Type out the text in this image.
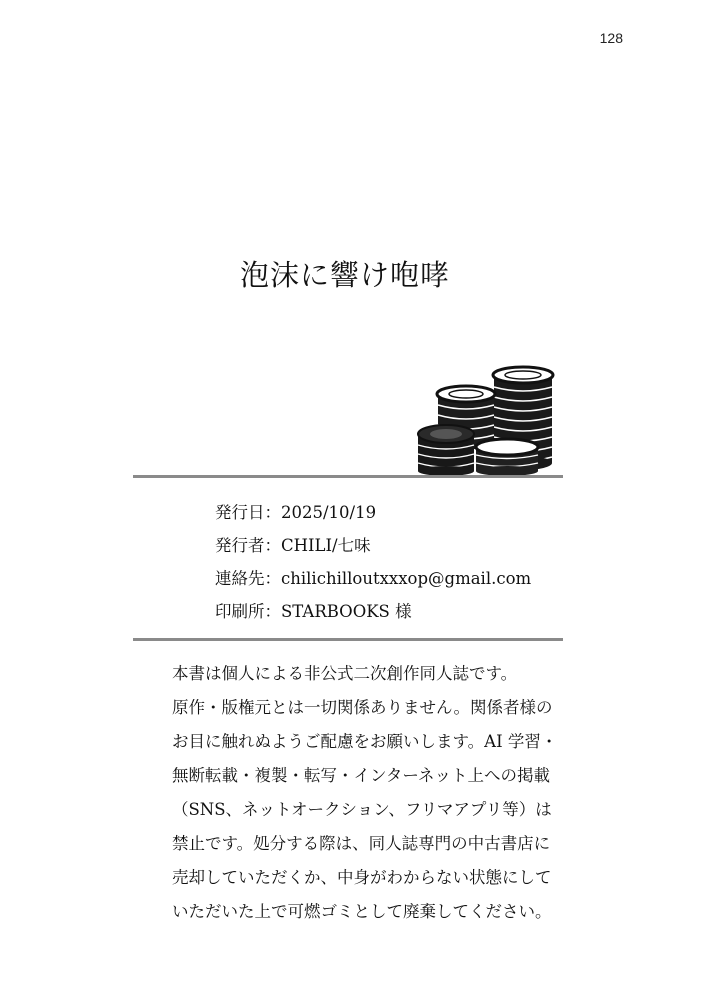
128
泡沫に響け咆哮
発行日：2025/10/19
発行者：CHILI/七味
連絡先：chilichilloutxxxop@gmail.com
印刷所：STARBOOKS 様
本書は個人による非公式二次創作同人誌です。
原作・版権元とは一切関係ありません。関係者様の
お目に触れぬようご配慮をお願いします。AI 学習・
無断転載・複製・転写・インターネット上への掲載
（SNS、ネットオークション、フリマアプリ等）は
禁止です。処分する際は、同人誌専門の中古書店に
売却していただくか、中身がわからない状態にして
いただいた上で可燃ゴミとして廃棄してください。
